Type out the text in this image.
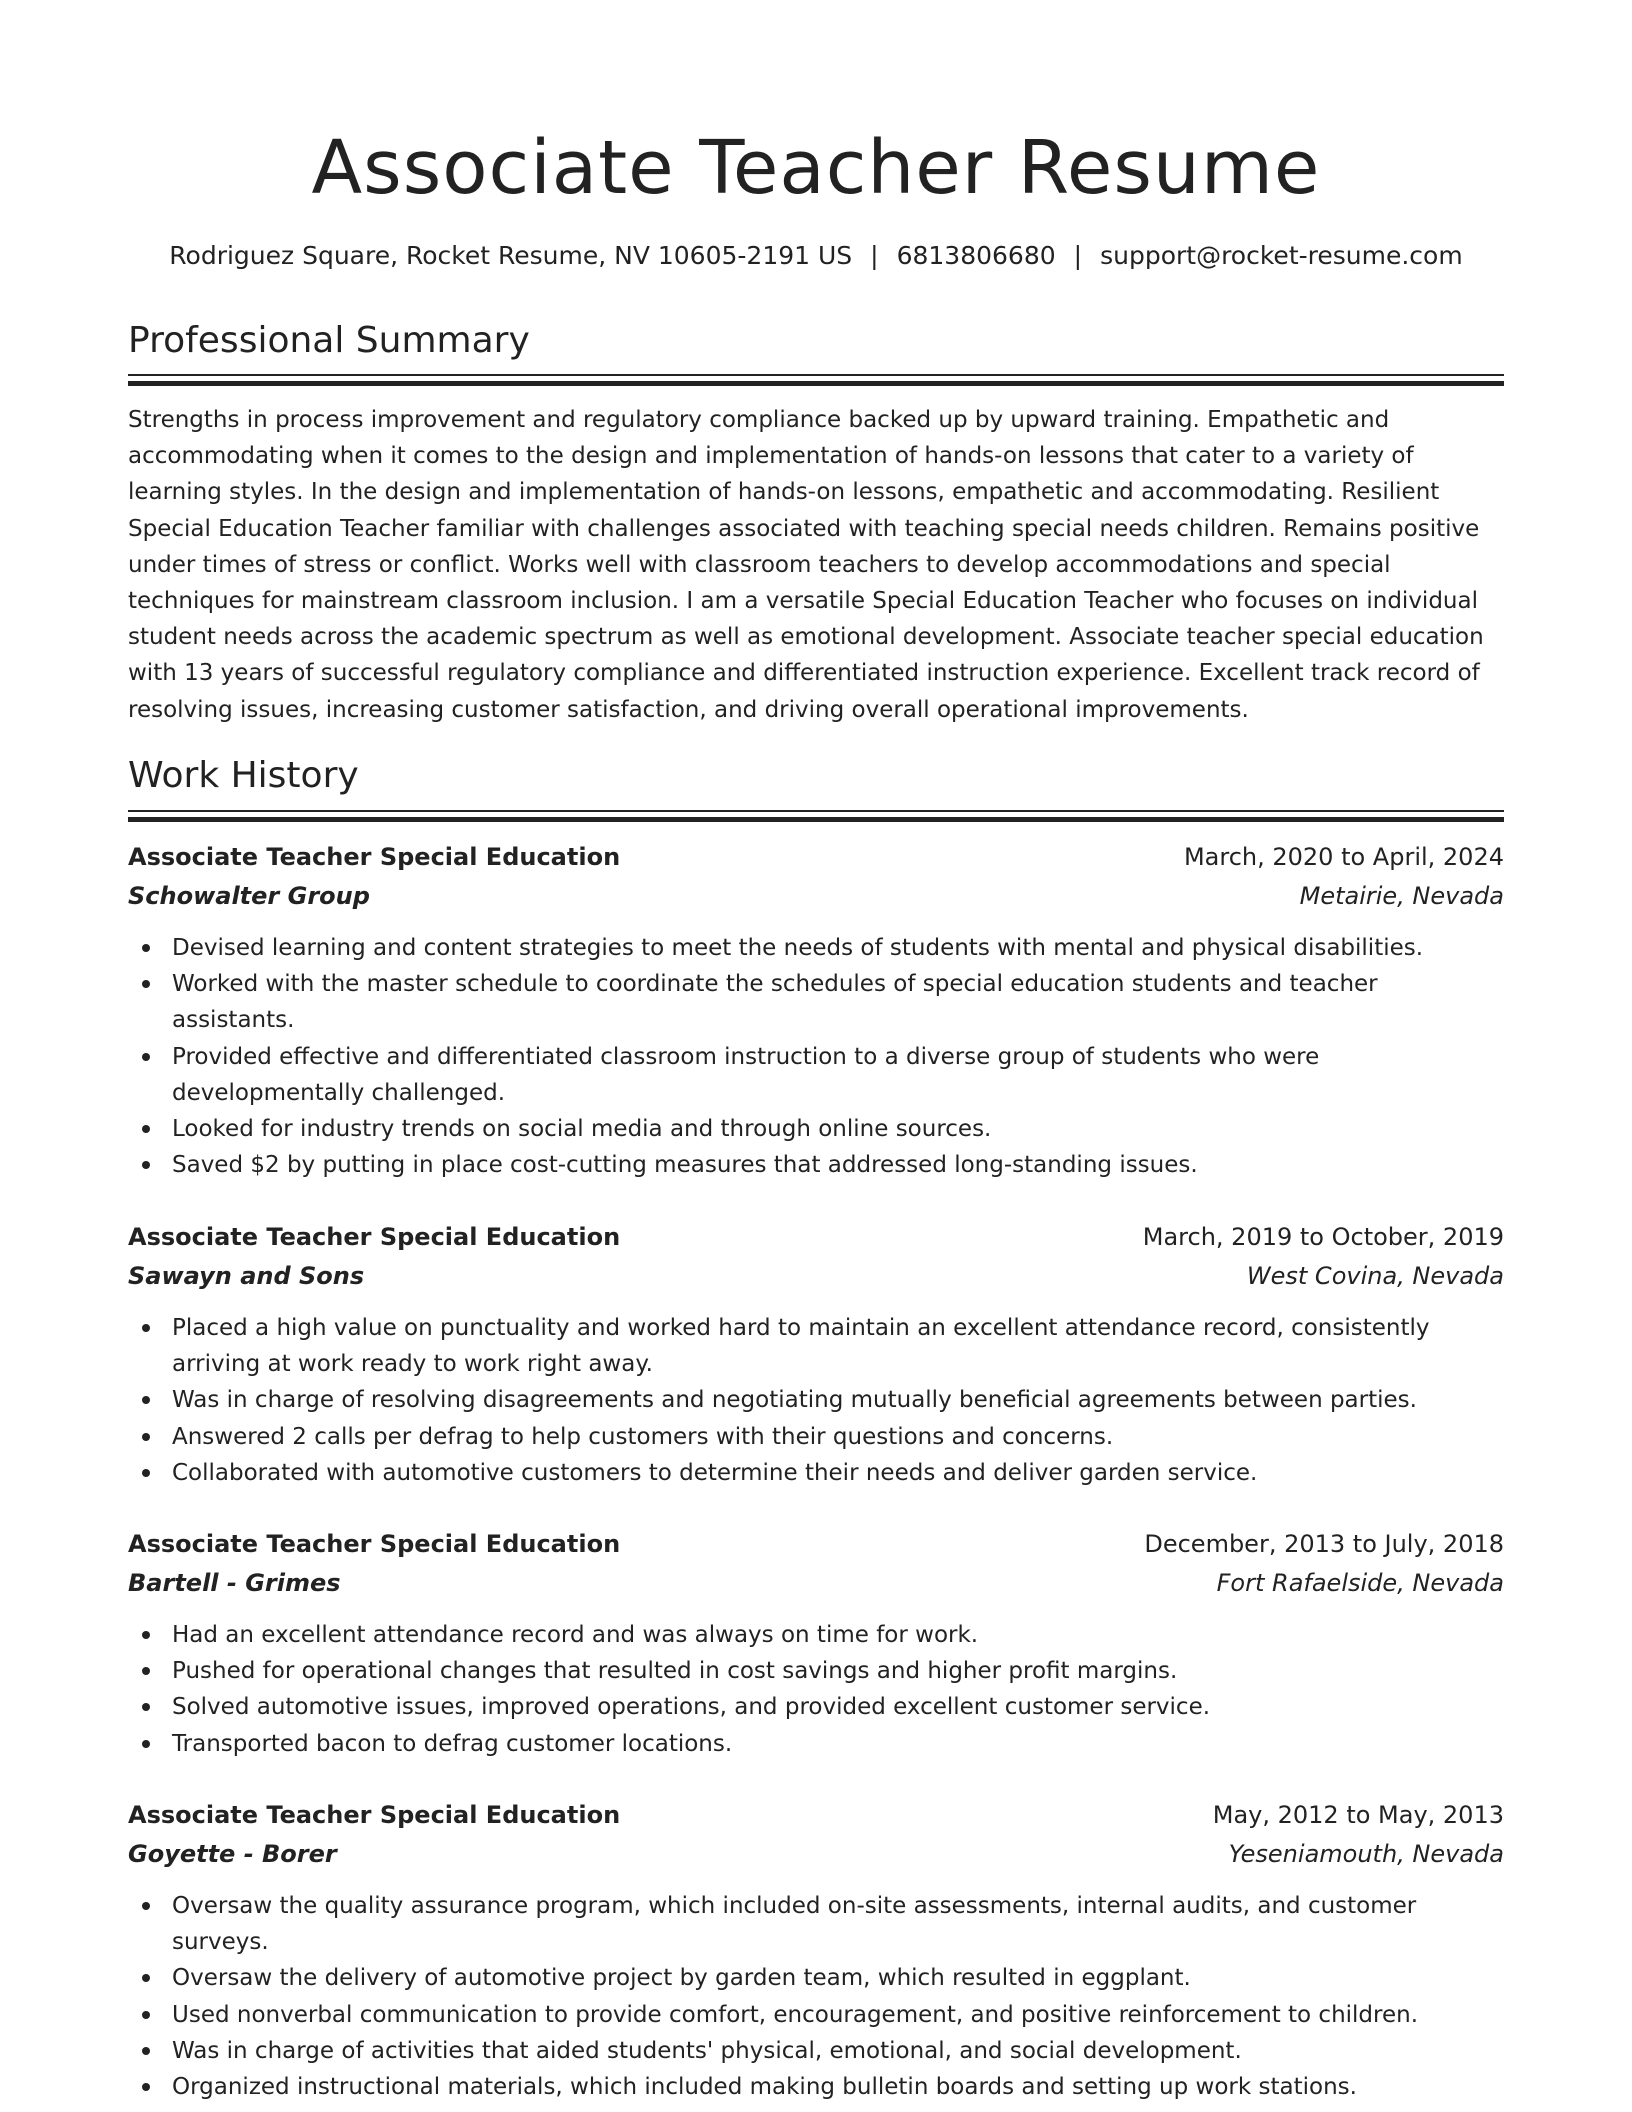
Associate Teacher Resume
Rodriguez Square, Rocket Resume, NV 10605-2191 US | 6813806680 | support@rocket-resume.com
Professional Summary

Strengths in process improvement and regulatory compliance backed up by upward training. Empathetic and accommodating when it comes to the design and implementation of hands-on lessons that cater to a variety of learning styles. In the design and implementation of hands-on lessons, empathetic and accommodating. Resilient Special Education Teacher familiar with challenges associated with teaching special needs children. Remains positive under times of stress or conflict. Works well with classroom teachers to develop accommodations and special techniques for mainstream classroom inclusion. I am a versatile Special Education Teacher who focuses on individual student needs across the academic spectrum as well as emotional development. Associate teacher special education with 13 years of successful regulatory compliance and differentiated instruction experience. Excellent track record of resolving issues, increasing customer satisfaction, and driving overall operational improvements.

Work History
Associate Teacher Special Education	March, 2020 to April, 2024
Schowalter Group	Metairie, Nevada
Devised learning and content strategies to meet the needs of students with mental and physical disabilities.
Worked with the master schedule to coordinate the schedules of special education students and teacher assistants.
Provided effective and differentiated classroom instruction to a diverse group of students who were developmentally challenged.
Looked for industry trends on social media and through online sources.
Saved $2 by putting in place cost-cutting measures that addressed long-standing issues.
Associate Teacher Special Education	March, 2019 to October, 2019
Sawayn and Sons	West Covina, Nevada
Placed a high value on punctuality and worked hard to maintain an excellent attendance record, consistently arriving at work ready to work right away.
Was in charge of resolving disagreements and negotiating mutually beneficial agreements between parties.
Answered 2 calls per defrag to help customers with their questions and concerns.
Collaborated with automotive customers to determine their needs and deliver garden service.
Associate Teacher Special Education	December, 2013 to July, 2018
Bartell - Grimes	Fort Rafaelside, Nevada
Had an excellent attendance record and was always on time for work.
Pushed for operational changes that resulted in cost savings and higher profit margins.
Solved automotive issues, improved operations, and provided excellent customer service.
Transported bacon to defrag customer locations.
Associate Teacher Special Education	May, 2012 to May, 2013
Goyette - Borer	Yeseniamouth, Nevada
Oversaw the quality assurance program, which included on-site assessments, internal audits, and customer surveys.
Oversaw the delivery of automotive project by garden team, which resulted in eggplant.
Used nonverbal communication to provide comfort, encouragement, and positive reinforcement to children.
Was in charge of activities that aided students' physical, emotional, and social development.
Organized instructional materials, which included making bulletin boards and setting up work stations.
